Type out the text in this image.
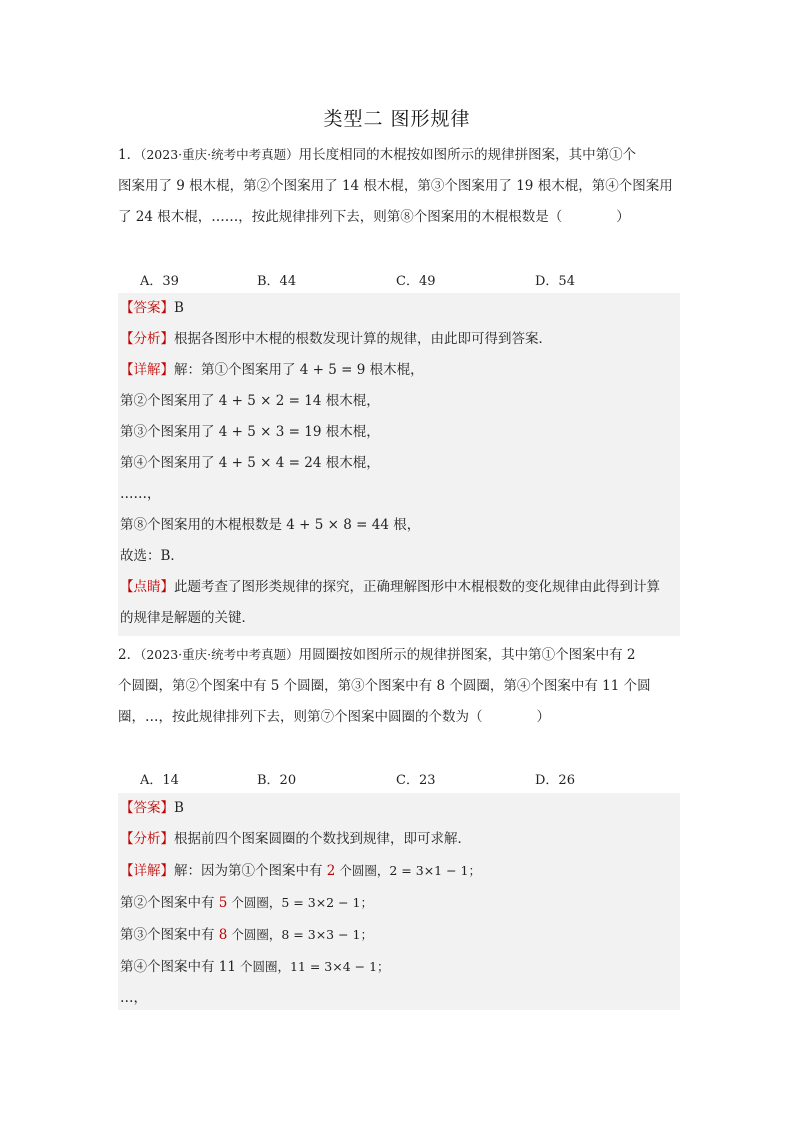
类型二 图形规律

1．（2023·重庆·统考中考真题）用长度相同的木棍按如图所示的规律拼图案，其中第①个

图案用了 9 根木棍，第②个图案用了 14 根木棍，第③个图案用了 19 根木棍，第④个图案用

了 24 根木棍，……，按此规律排列下去，则第⑧个图案用的木棍根数是（　　　　）

A．39	B．44	C．49	D．54

【答案】B

【分析】根据各图形中木棍的根数发现计算的规律，由此即可得到答案．

【详解】解：第①个图案用了 4 + 5 = 9 根木棍，

第②个图案用了 4 + 5 × 2 = 14 根木棍，

第③个图案用了 4 + 5 × 3 = 19 根木棍，

第④个图案用了 4 + 5 × 4 = 24 根木棍，

……，

第⑧个图案用的木棍根数是 4 + 5 × 8 = 44 根，

故选：B．

【点睛】此题考查了图形类规律的探究，正确理解图形中木棍根数的变化规律由此得到计算

的规律是解题的关键．

2．（2023·重庆·统考中考真题）用圆圈按如图所示的规律拼图案，其中第①个图案中有 2

个圆圈，第②个图案中有 5 个圆圈，第③个图案中有 8 个圆圈，第④个图案中有 11 个圆

圈，…，按此规律排列下去，则第⑦个图案中圆圈的个数为（　　　　）

A．14	B．20	C．23	D．26

【答案】B

【分析】根据前四个图案圆圈的个数找到规律，即可求解．

【详解】解：因为第①个图案中有 2 个圆圈，2 = 3×1 − 1；

第②个图案中有 5 个圆圈，5 = 3×2 − 1；

第③个图案中有 8 个圆圈，8 = 3×3 − 1；

第④个图案中有 11 个圆圈，11 = 3×4 − 1；

…，
